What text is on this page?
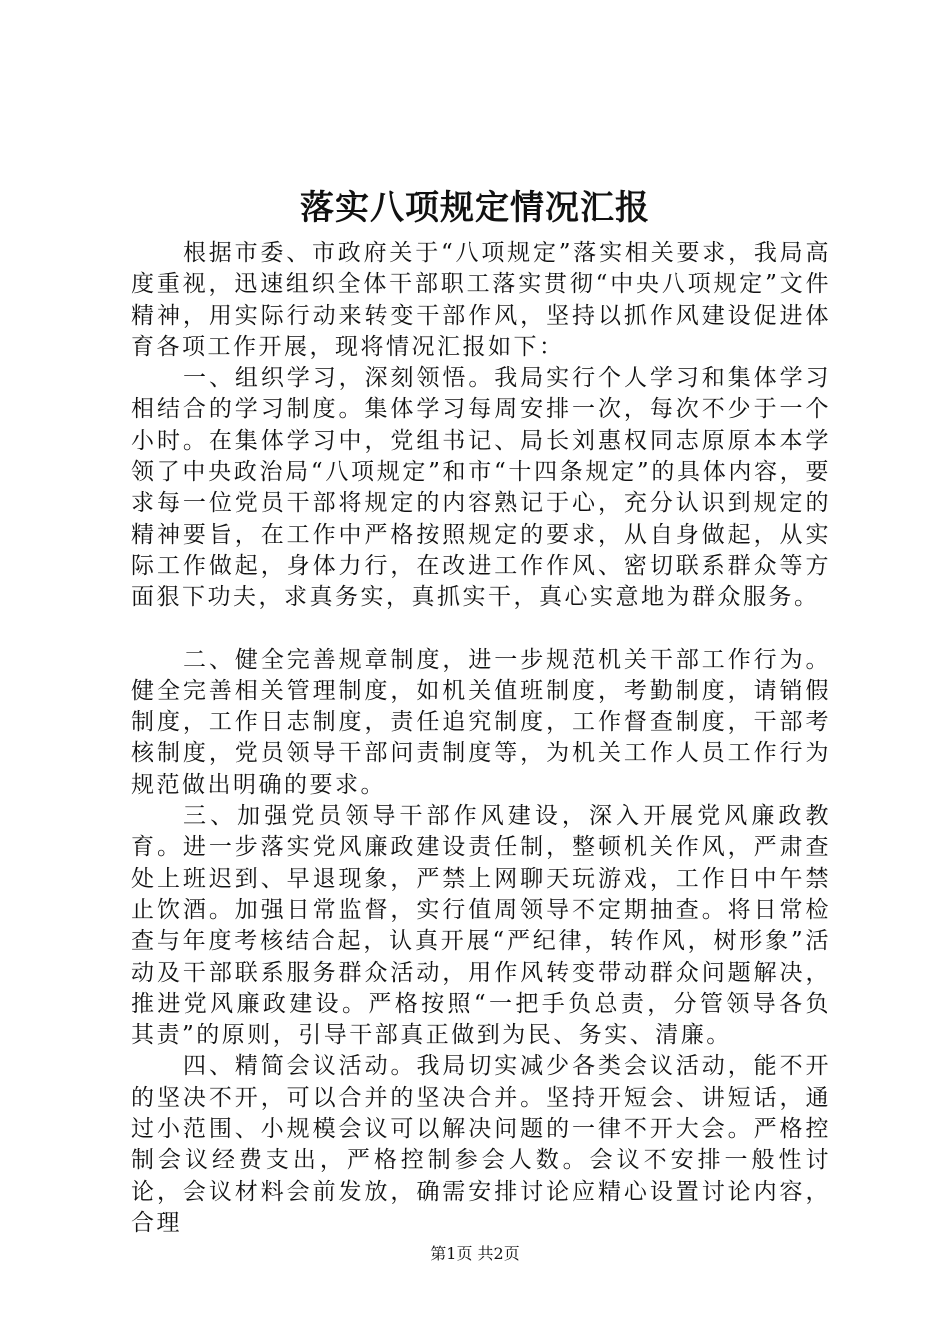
落实八项规定情况汇报

根据市委、市政府关于“八项规定”落实相关要求，我局高度重视，迅速组织全体干部职工落实贯彻“中央八项规定”文件精神，用实际行动来转变干部作风，坚持以抓作风建设促进体育各项工作开展，现将情况汇报如下：

一、组织学习，深刻领悟。我局实行个人学习和集体学习相结合的学习制度。集体学习每周安排一次，每次不少于一个小时。在集体学习中，党组书记、局长刘惠权同志原原本本学领了中央政治局“八项规定”和市“十四条规定”的具体内容，要求每一位党员干部将规定的内容熟记于心，充分认识到规定的精神要旨，在工作中严格按照规定的要求，从自身做起，从实际工作做起，身体力行，在改进工作作风、密切联系群众等方面狠下功夫，求真务实，真抓实干，真心实意地为群众服务。

二、健全完善规章制度，进一步规范机关干部工作行为。健全完善相关管理制度，如机关值班制度，考勤制度，请销假制度，工作日志制度，责任追究制度，工作督查制度，干部考核制度，党员领导干部问责制度等，为机关工作人员工作行为规范做出明确的要求。

三、加强党员领导干部作风建设，深入开展党风廉政教育。进一步落实党风廉政建设责任制，整顿机关作风，严肃查处上班迟到、早退现象，严禁上网聊天玩游戏，工作日中午禁止饮酒。加强日常监督，实行值周领导不定期抽查。将日常检查与年度考核结合起，认真开展“严纪律，转作风，树形象”活动及干部联系服务群众活动，用作风转变带动群众问题解决，推进党风廉政建设。严格按照“一把手负总责，分管领导各负其责”的原则，引导干部真正做到为民、务实、清廉。

四、精简会议活动。我局切实减少各类会议活动，能不开的坚决不开，可以合并的坚决合并。坚持开短会、讲短话，通过小范围、小规模会议可以解决问题的一律不开大会。严格控制会议经费支出，严格控制参会人数。会议不安排一般性讨论，会议材料会前发放，确需安排讨论应精心设置讨论内容，合理

第1页 共2页
